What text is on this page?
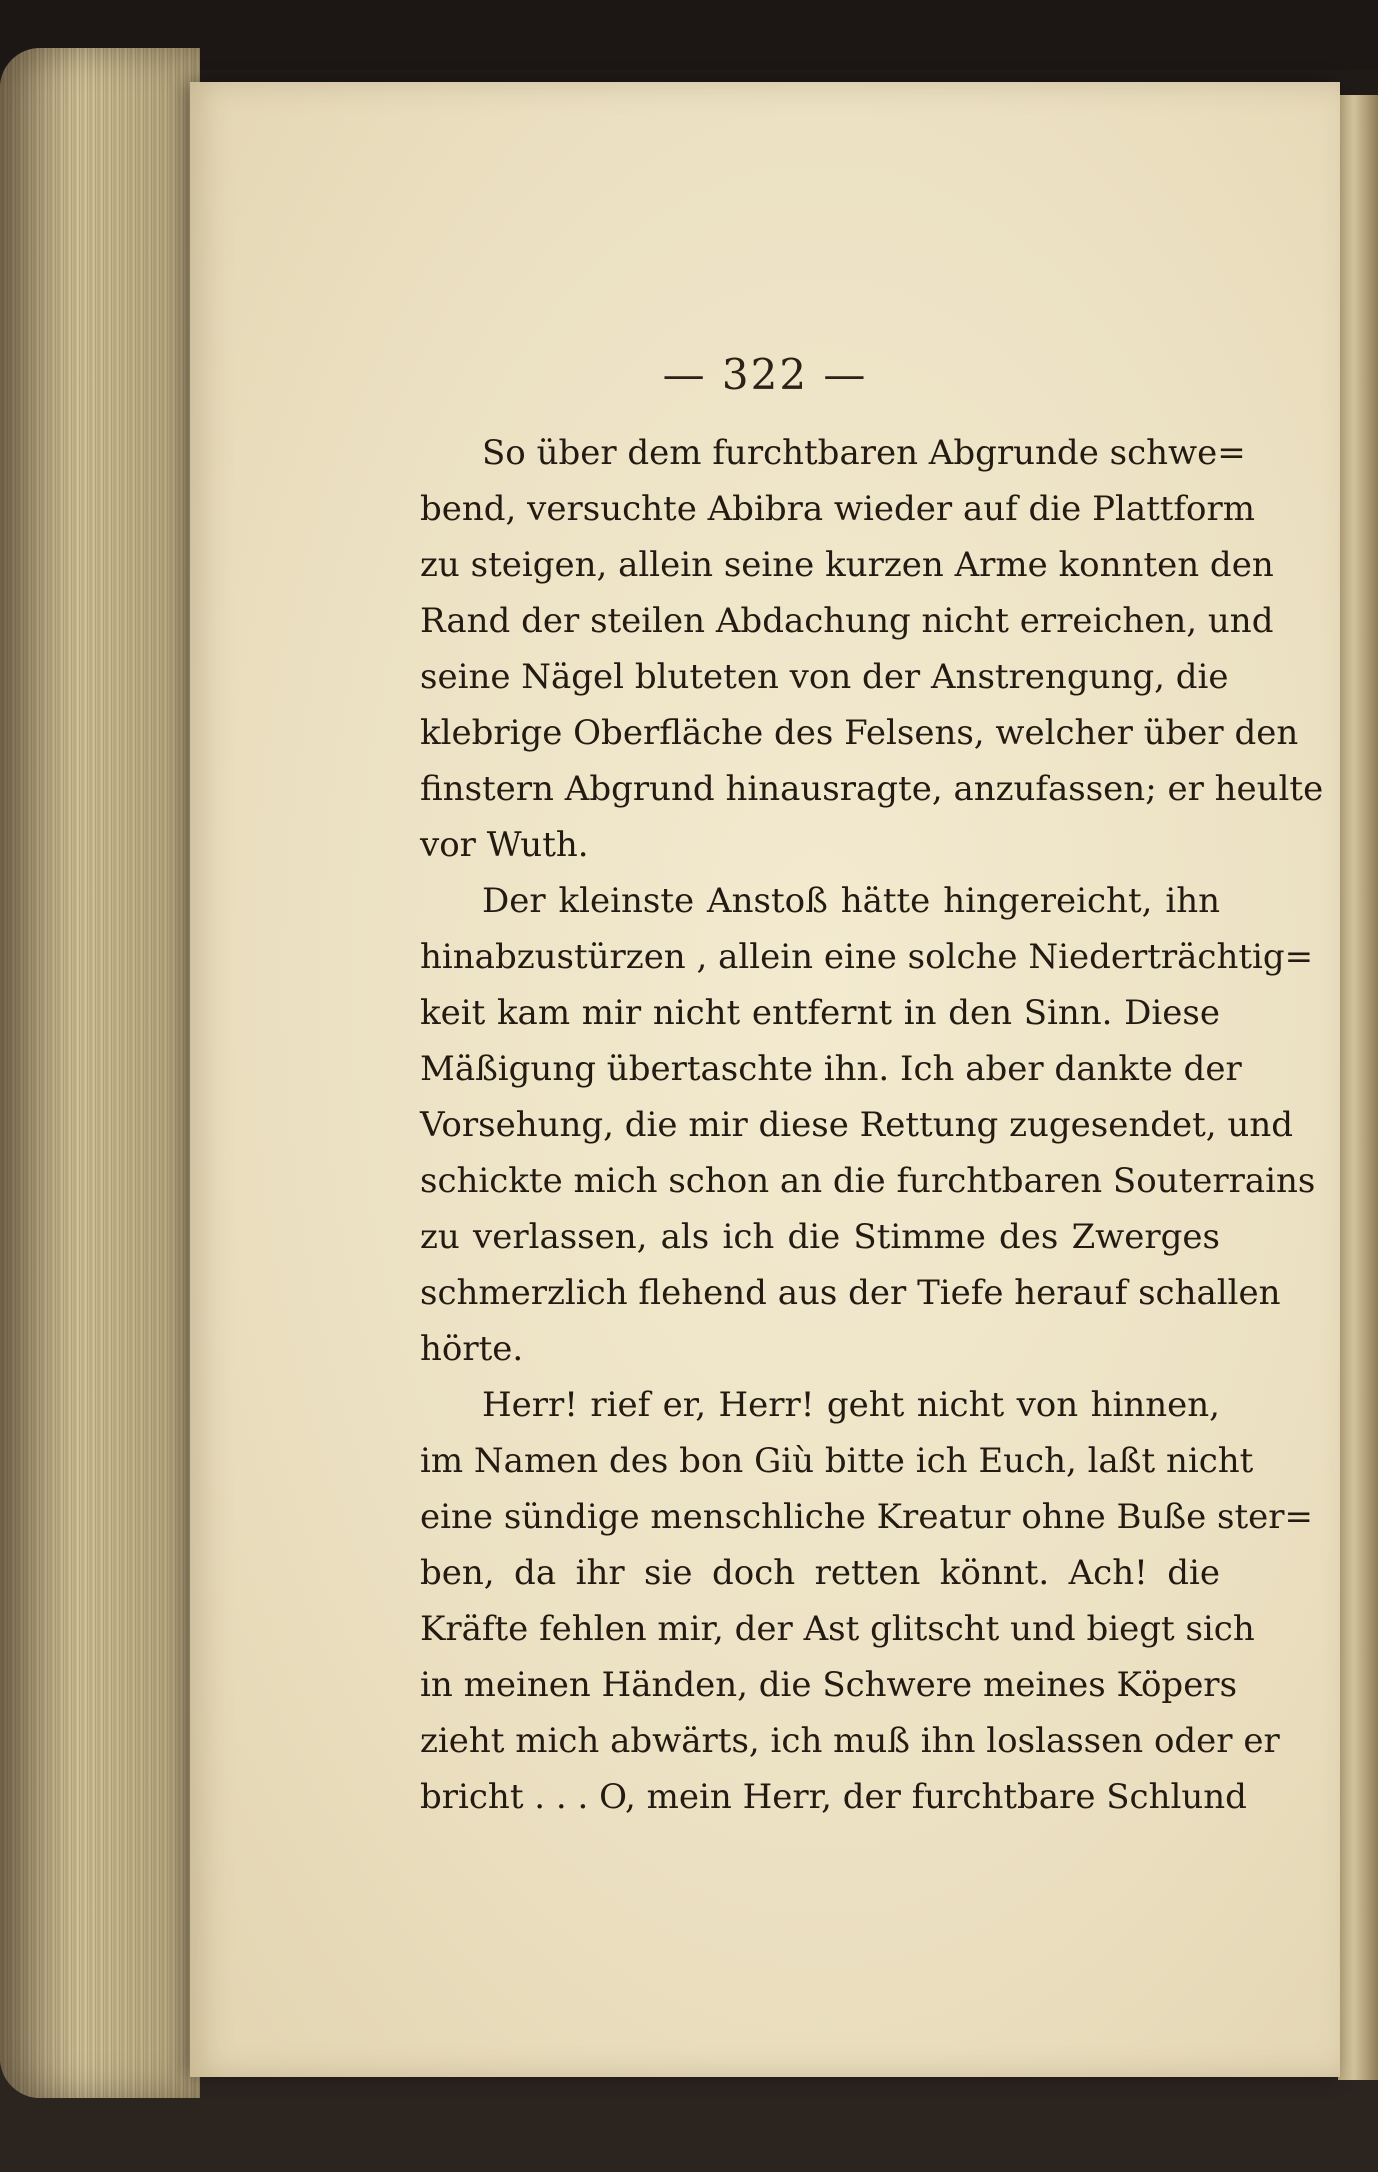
— 322 —
So über dem furchtbaren Abgrunde schwe=
bend, versuchte Abibra wieder auf die Plattform
zu steigen, allein seine kurzen Arme konnten den
Rand der steilen Abdachung nicht erreichen, und
seine Nägel bluteten von der Anstrengung, die
klebrige Oberfläche des Felsens, welcher über den
finstern Abgrund hinausragte, anzufassen; er heulte
vor Wuth.
Der kleinste Anstoß hätte hingereicht, ihn
hinabzustürzen , allein eine solche Niederträchtig=
keit kam mir nicht entfernt in den Sinn. Diese
Mäßigung übertaschte ihn. Ich aber dankte der
Vorsehung, die mir diese Rettung zugesendet, und
schickte mich schon an die furchtbaren Souterrains
zu verlassen, als ich die Stimme des Zwerges
schmerzlich flehend aus der Tiefe herauf schallen
hörte.
Herr! rief er, Herr! geht nicht von hinnen,
im Namen des bon Giù bitte ich Euch, laßt nicht
eine sündige menschliche Kreatur ohne Buße ster=
ben, da ihr sie doch retten könnt. Ach! die
Kräfte fehlen mir, der Ast glitscht und biegt sich
in meinen Händen, die Schwere meines Köpers
zieht mich abwärts, ich muß ihn loslassen oder er
bricht . . . O, mein Herr, der furchtbare Schlund
